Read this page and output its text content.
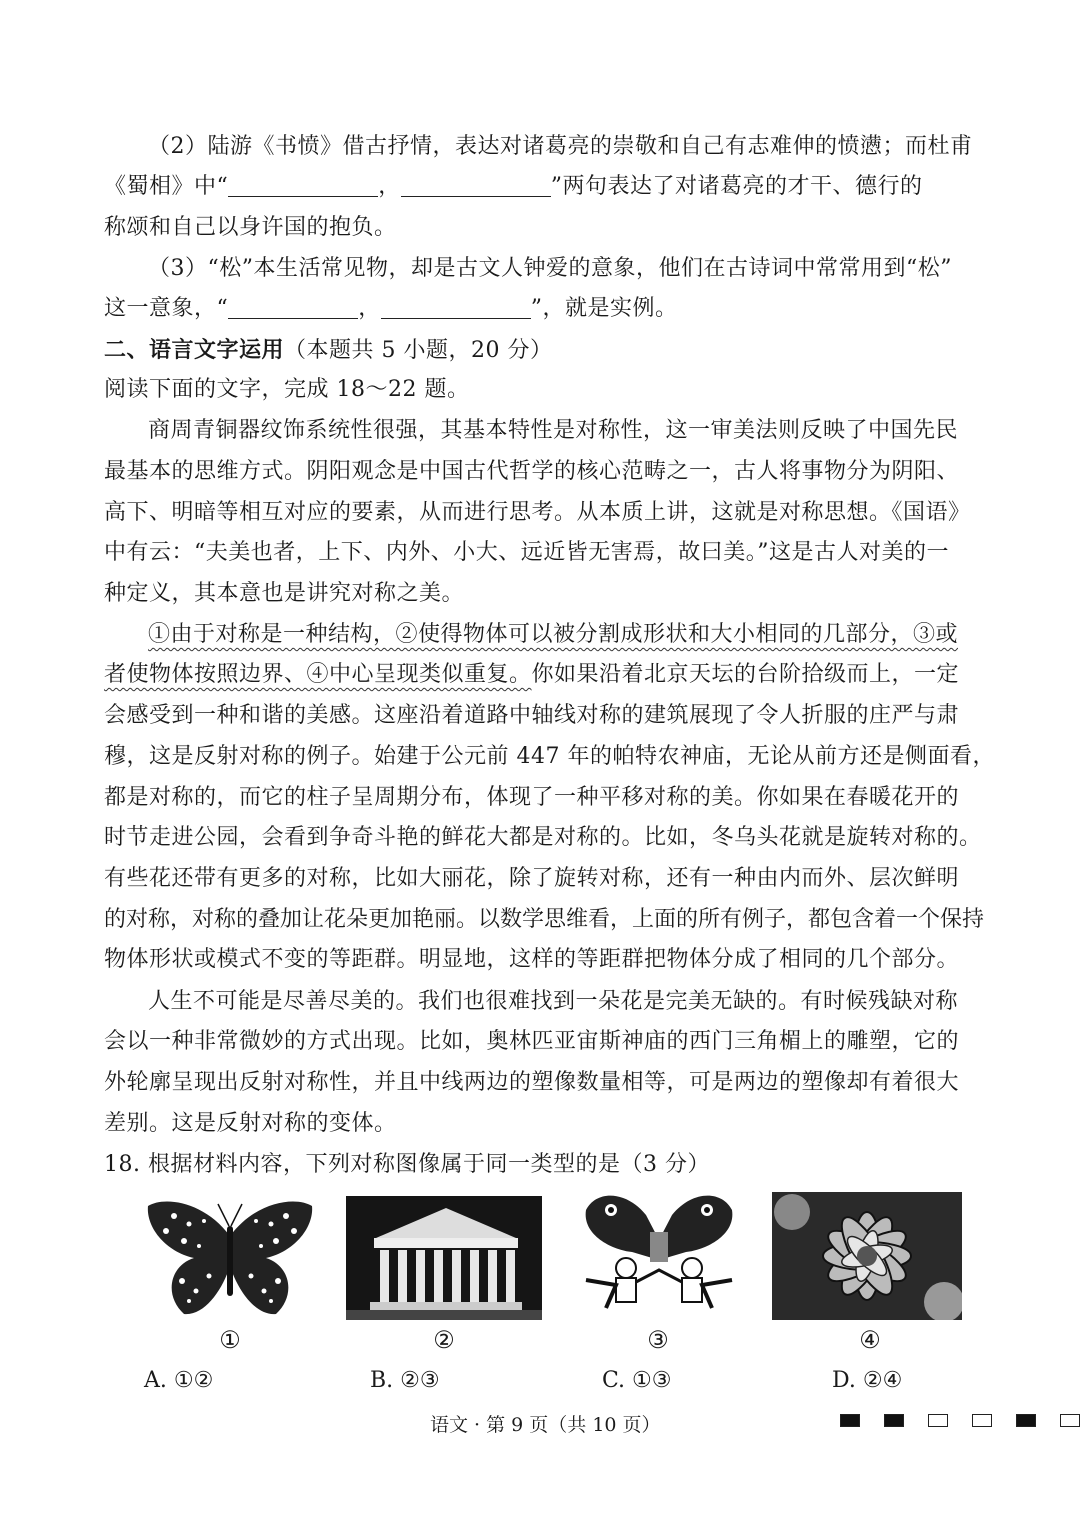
（2）陆游《书愤》借古抒情，表达对诸葛亮的崇敬和自己有志难伸的愤懑；而杜甫
《蜀相》中“	，	”两句表达了对诸葛亮的才干、德行的
称颂和自己以身许国的抱负。
（3）“松”本生活常见物，却是古文人钟爱的意象，他们在古诗词中常常用到“松”
这一意象，“	，	”，就是实例。
二、语言文字运用（本题共 5 小题，20 分）
阅读下面的文字，完成 18～22 题。
商周青铜器纹饰系统性很强，其基本特性是对称性，这一审美法则反映了中国先民
最基本的思维方式。阴阳观念是中国古代哲学的核心范畴之一，古人将事物分为阴阳、
高下、明暗等相互对应的要素，从而进行思考。从本质上讲，这就是对称思想。《国语》
中有云：“夫美也者，上下、内外、小大、远近皆无害焉，故曰美。”这是古人对美的一
种定义，其本意也是讲究对称之美。
①由于对称是一种结构，②使得物体可以被分割成形状和大小相同的几部分，③或
者使物体按照边界、④中心呈现类似重复。你如果沿着北京天坛的台阶拾级而上，一定
会感受到一种和谐的美感。这座沿着道路中轴线对称的建筑展现了令人折服的庄严与肃
穆，这是反射对称的例子。始建于公元前 447 年的帕特农神庙，无论从前方还是侧面看，
都是对称的，而它的柱子呈周期分布，体现了一种平移对称的美。你如果在春暖花开的
时节走进公园，会看到争奇斗艳的鲜花大都是对称的。比如，冬乌头花就是旋转对称的。
有些花还带有更多的对称，比如大丽花，除了旋转对称，还有一种由内而外、层次鲜明
的对称，对称的叠加让花朵更加艳丽。以数学思维看，上面的所有例子，都包含着一个保持
物体形状或模式不变的等距群。明显地，这样的等距群把物体分成了相同的几个部分。
人生不可能是尽善尽美的。我们也很难找到一朵花是完美无缺的。有时候残缺对称
会以一种非常微妙的方式出现。比如，奥林匹亚宙斯神庙的西门三角楣上的雕塑，它的
外轮廓呈现出反射对称性，并且中线两边的塑像数量相等，可是两边的塑像却有着很大
差别。这是反射对称的变体。
18. 根据材料内容，下列对称图像属于同一类型的是（3 分）
①	②	③	④
A. ①②	B. ②③	C. ①③	D. ②④
语文 · 第 9 页（共 10 页）
